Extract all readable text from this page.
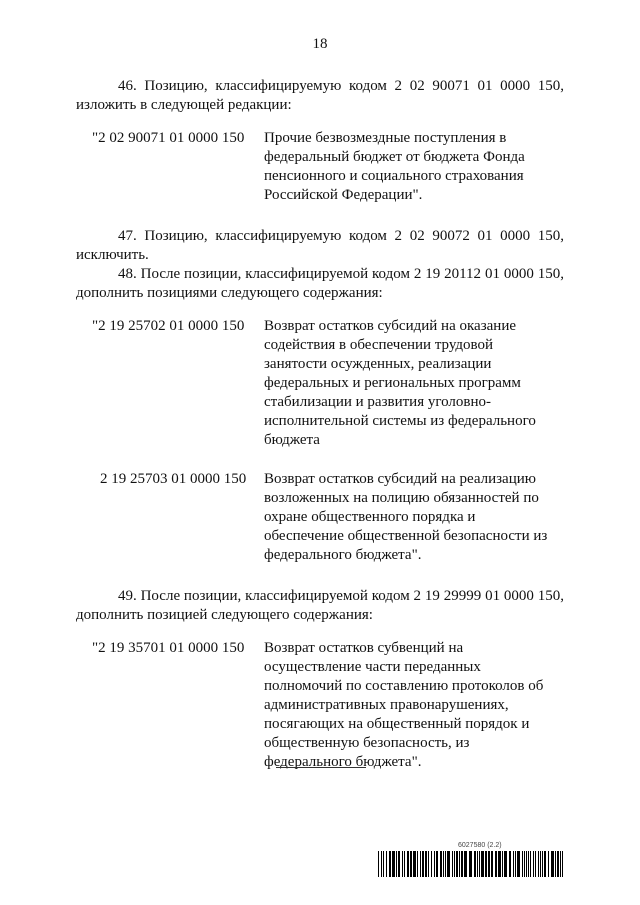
18

46. Позицию, классифицируемую кодом 2 02 90071 01 0000 150, изложить в следующей редакции:

"2 02 90071 01 0000 150	Прочие безвозмездные поступления в федеральный бюджет от бюджета Фонда пенсионного и социального страхования Российской Федерации".

47. Позицию, классифицируемую кодом 2 02 90072 01 0000 150, исключить.

48. После позиции, классифицируемой кодом 2 19 20112 01 0000 150, дополнить позициями следующего содержания:

"2 19 25702 01 0000 150	Возврат остатков субсидий на оказание содействия в обеспечении трудовой занятости осужденных, реализации федеральных и региональных программ стабилизации и развития уголовно-исполнительной системы из федерального бюджета
2 19 25703 01 0000 150	Возврат остатков субсидий на реализацию возложенных на полицию обязанностей по охране общественного порядка и обеспечение общественной безопасности из федерального бюджета".

49. После позиции, классифицируемой кодом 2 19 29999 01 0000 150, дополнить позицией следующего содержания:

"2 19 35701 01 0000 150	Возврат остатков субвенций на осуществление части переданных полномочий по составлению протоколов об административных правонарушениях, посягающих на общественный порядок и общественную безопасность, из федерального бюджета".
6027580 (2.2)
